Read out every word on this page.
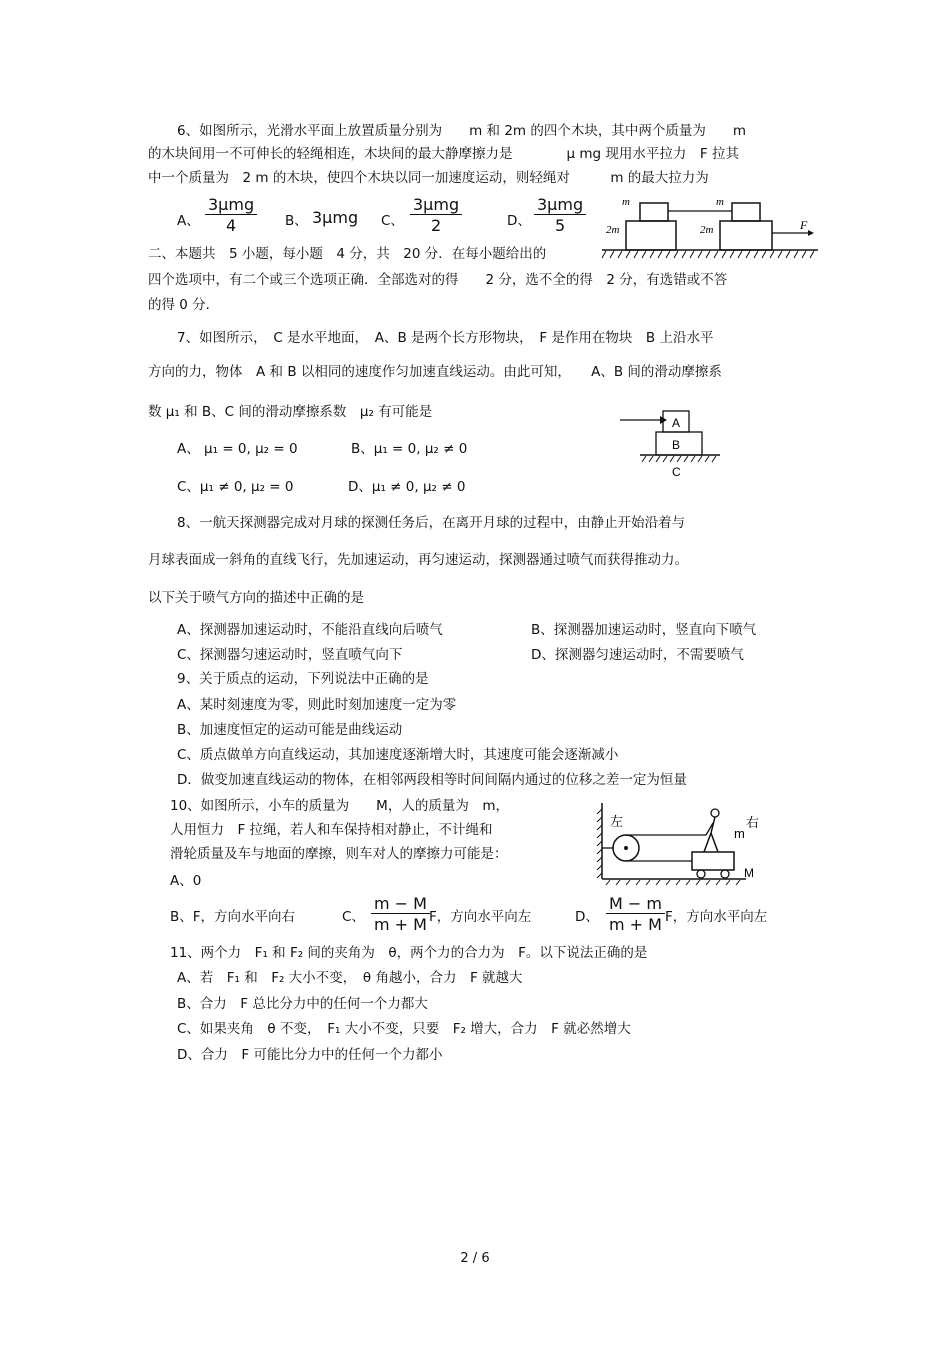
6、如图所示，光滑水平面上放置质量分别为　　m 和 2m 的四个木块，其中两个质量为　　m
的木块间用一不可伸长的轻绳相连，木块间的最大静摩擦力是　　　　μ mg 现用水平拉力　F 拉其
中一个质量为　2 m 的木块，使四个木块以同一加速度运动，则轻绳对　　　m 的最大拉力为
A、
3μmg
4	B、 3μmg C、
3μmg
2	D、
3μmg
5
m	m
2m	2m	F
二、本题共　5 小题，每小题　4 分，共　20 分．在每小题给出的
四个选项中，有二个或三个选项正确．全部选对的得　　2 分，选不全的得　2 分，有选错或不答
的得 0 分．
7、如图所示，　C 是水平地面，　A、B 是两个长方形物块，　F 是作用在物块　B 上沿水平
方向的力，物体　A 和 B 以相同的速度作匀加速直线运动。由此可知，　　A、B 间的滑动摩擦系
数 μ₁ 和 B、C 间的滑动摩擦系数　μ₂ 有可能是
A、 μ₁ = 0, μ₂ = 0	B、μ₁ = 0, μ₂ ≠ 0
C、μ₁ ≠ 0, μ₂ = 0	D、μ₁ ≠ 0, μ₂ ≠ 0
A
B
C
8、一航天探测器完成对月球的探测任务后，在离开月球的过程中，由静止开始沿着与
月球表面成一斜角的直线飞行，先加速运动，再匀速运动，探测器通过喷气而获得推动力。
以下关于喷气方向的描述中正确的是
A、探测器加速运动时，不能沿直线向后喷气	B、探测器加速运动时，竖直向下喷气
C、探测器匀速运动时，竖直喷气向下	D、探测器匀速运动时，不需要喷气
9、关于质点的运动，下列说法中正确的是
A、某时刻速度为零，则此时刻加速度一定为零
B、加速度恒定的运动可能是曲线运动
C、质点做单方向直线运动，其加速度逐渐增大时，其速度可能会逐渐减小
D．做变加速直线运动的物体，在相邻两段相等时间间隔内通过的位移之差一定为恒量
10、如图所示，小车的质量为　　M，人的质量为　m，
人用恒力　F 拉绳，若人和车保持相对静止，不计绳和
滑轮质量及车与地面的摩擦，则车对人的摩擦力可能是：
A、0
B、F，方向水平向右	C、 $\frac{m - M}{m + M}$ F，方向水平向左	D、 $\frac{M - m}{m + M}$ F，方向水平向左
左	右
m
M
11、两个力　F₁ 和 F₂ 间的夹角为　θ，两个力的合力为　F。以下说法正确的是
A、若　F₁ 和　F₂ 大小不变，　θ 角越小，合力　F 就越大
B、合力　F 总比分力中的任何一个力都大
C、如果夹角　θ 不变，　F₁ 大小不变，只要　F₂ 增大，合力　F 就必然增大
D、合力　F 可能比分力中的任何一个力都小
2 / 6
